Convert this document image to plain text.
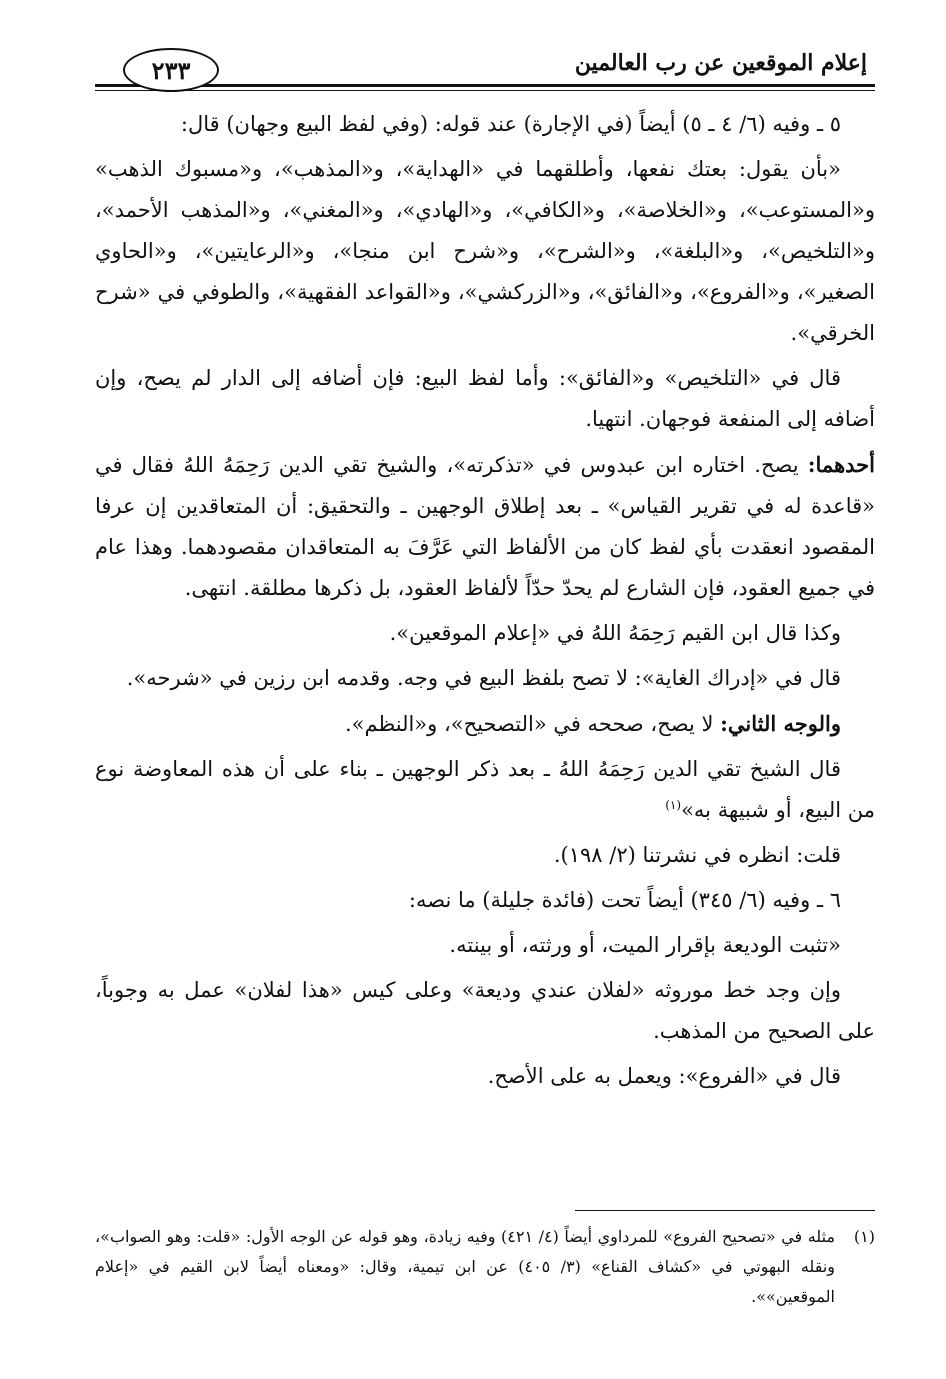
إعلام الموقعين عن رب العالمين
٢٣٣

٥ ـ وفيه (٦/ ٤ ـ ٥) أيضاً (في الإجارة) عند قوله: (وفي لفظ البيع وجهان) قال:

«بأن يقول: بعتك نفعها، وأطلقهما في «الهداية»، و«المذهب»، و«مسبوك الذهب» و«المستوعب»، و«الخلاصة»، و«الكافي»، و«الهادي»، و«المغني»، و«المذهب الأحمد»، و«التلخيص»، و«البلغة»، و«الشرح»، و«شرح ابن منجا»، و«الرعايتين»، و«الحاوي الصغير»، و«الفروع»، و«الفائق»، و«الزركشي»، و«القواعد الفقهية»، والطوفي في «شرح الخرقي».

قال في «التلخيص» و«الفائق»: وأما لفظ البيع: فإن أضافه إلى الدار لم يصح، وإن أضافه إلى المنفعة فوجهان. انتهيا.

أحدهما: يصح. اختاره ابن عبدوس في «تذكرته»، والشيخ تقي الدين رَحِمَهُ اللهُ فقال في «قاعدة له في تقرير القياس» ـ بعد إطلاق الوجهين ـ والتحقيق: أن المتعاقدين إن عرفا المقصود انعقدت بأي لفظ كان من الألفاظ التي عَرَّفَ به المتعاقدان مقصودهما. وهذا عام في جميع العقود، فإن الشارع لم يحدّ حدّاً لألفاظ العقود، بل ذكرها مطلقة. انتهى.

وكذا قال ابن القيم رَحِمَهُ اللهُ في «إعلام الموقعين».

قال في «إدراك الغاية»: لا تصح بلفظ البيع في وجه. وقدمه ابن رزين في «شرحه».

والوجه الثاني: لا يصح، صححه في «التصحيح»، و«النظم».

قال الشيخ تقي الدين رَحِمَهُ اللهُ ـ بعد ذكر الوجهين ـ بناء على أن هذه المعاوضة نوع من البيع، أو شبيهة به»$^{(١)}$

قلت: انظره في نشرتنا (٢/ ١٩٨).

٦ ـ وفيه (٦/ ٣٤٥) أيضاً تحت (فائدة جليلة) ما نصه:

«تثبت الوديعة بإقرار الميت، أو ورثته، أو بينته.

وإن وجد خط موروثه «لفلان عندي وديعة» وعلى كيس «هذا لفلان» عمل به وجوباً، على الصحيح من المذهب.

قال في «الفروع»: ويعمل به على الأصح.

(١)
مثله في «تصحيح الفروع» للمرداوي أيضاً (٤/ ٤٢١) وفيه زيادة، وهو قوله عن الوجه الأول: «قلت: وهو الصواب»، ونقله البهوتي في «كشاف القناع» (٣/ ٤٠٥) عن ابن تيمية، وقال: «ومعناه أيضاً لابن القيم في «إعلام الموقعين»».
